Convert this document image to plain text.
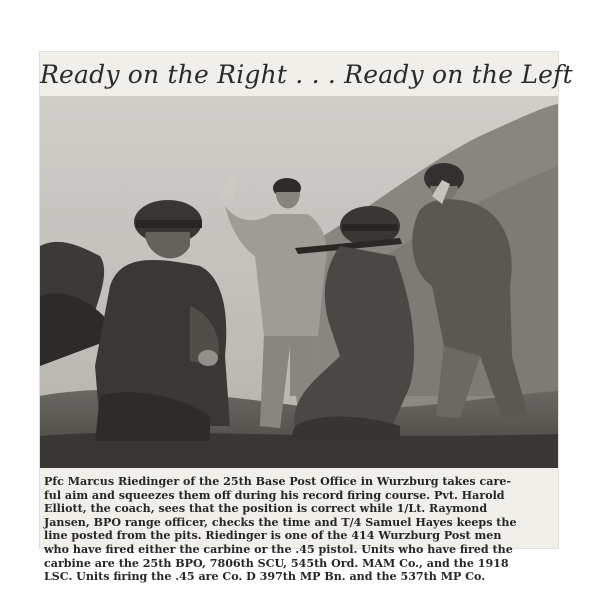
Ready on the Right . . . Ready on the Left

Pfc Marcus Riedinger of the 25th Base Post Office in Wurzburg takes care-
ful aim and squeezes them off during his record firing course. Pvt. Harold
Elliott, the coach, sees that the position is correct while 1/Lt. Raymond
Jansen, BPO range officer, checks the time and T/4 Samuel Hayes keeps the
line posted from the pits. Riedinger is one of the 414 Wurzburg Post men
who have fired either the carbine or the .45 pistol. Units who have fired the
carbine are the 25th BPO, 7806th SCU, 545th Ord. MAM Co., and the 1918
LSC. Units firing the .45 are Co. D 397th MP Bn. and the 537th MP Co.
